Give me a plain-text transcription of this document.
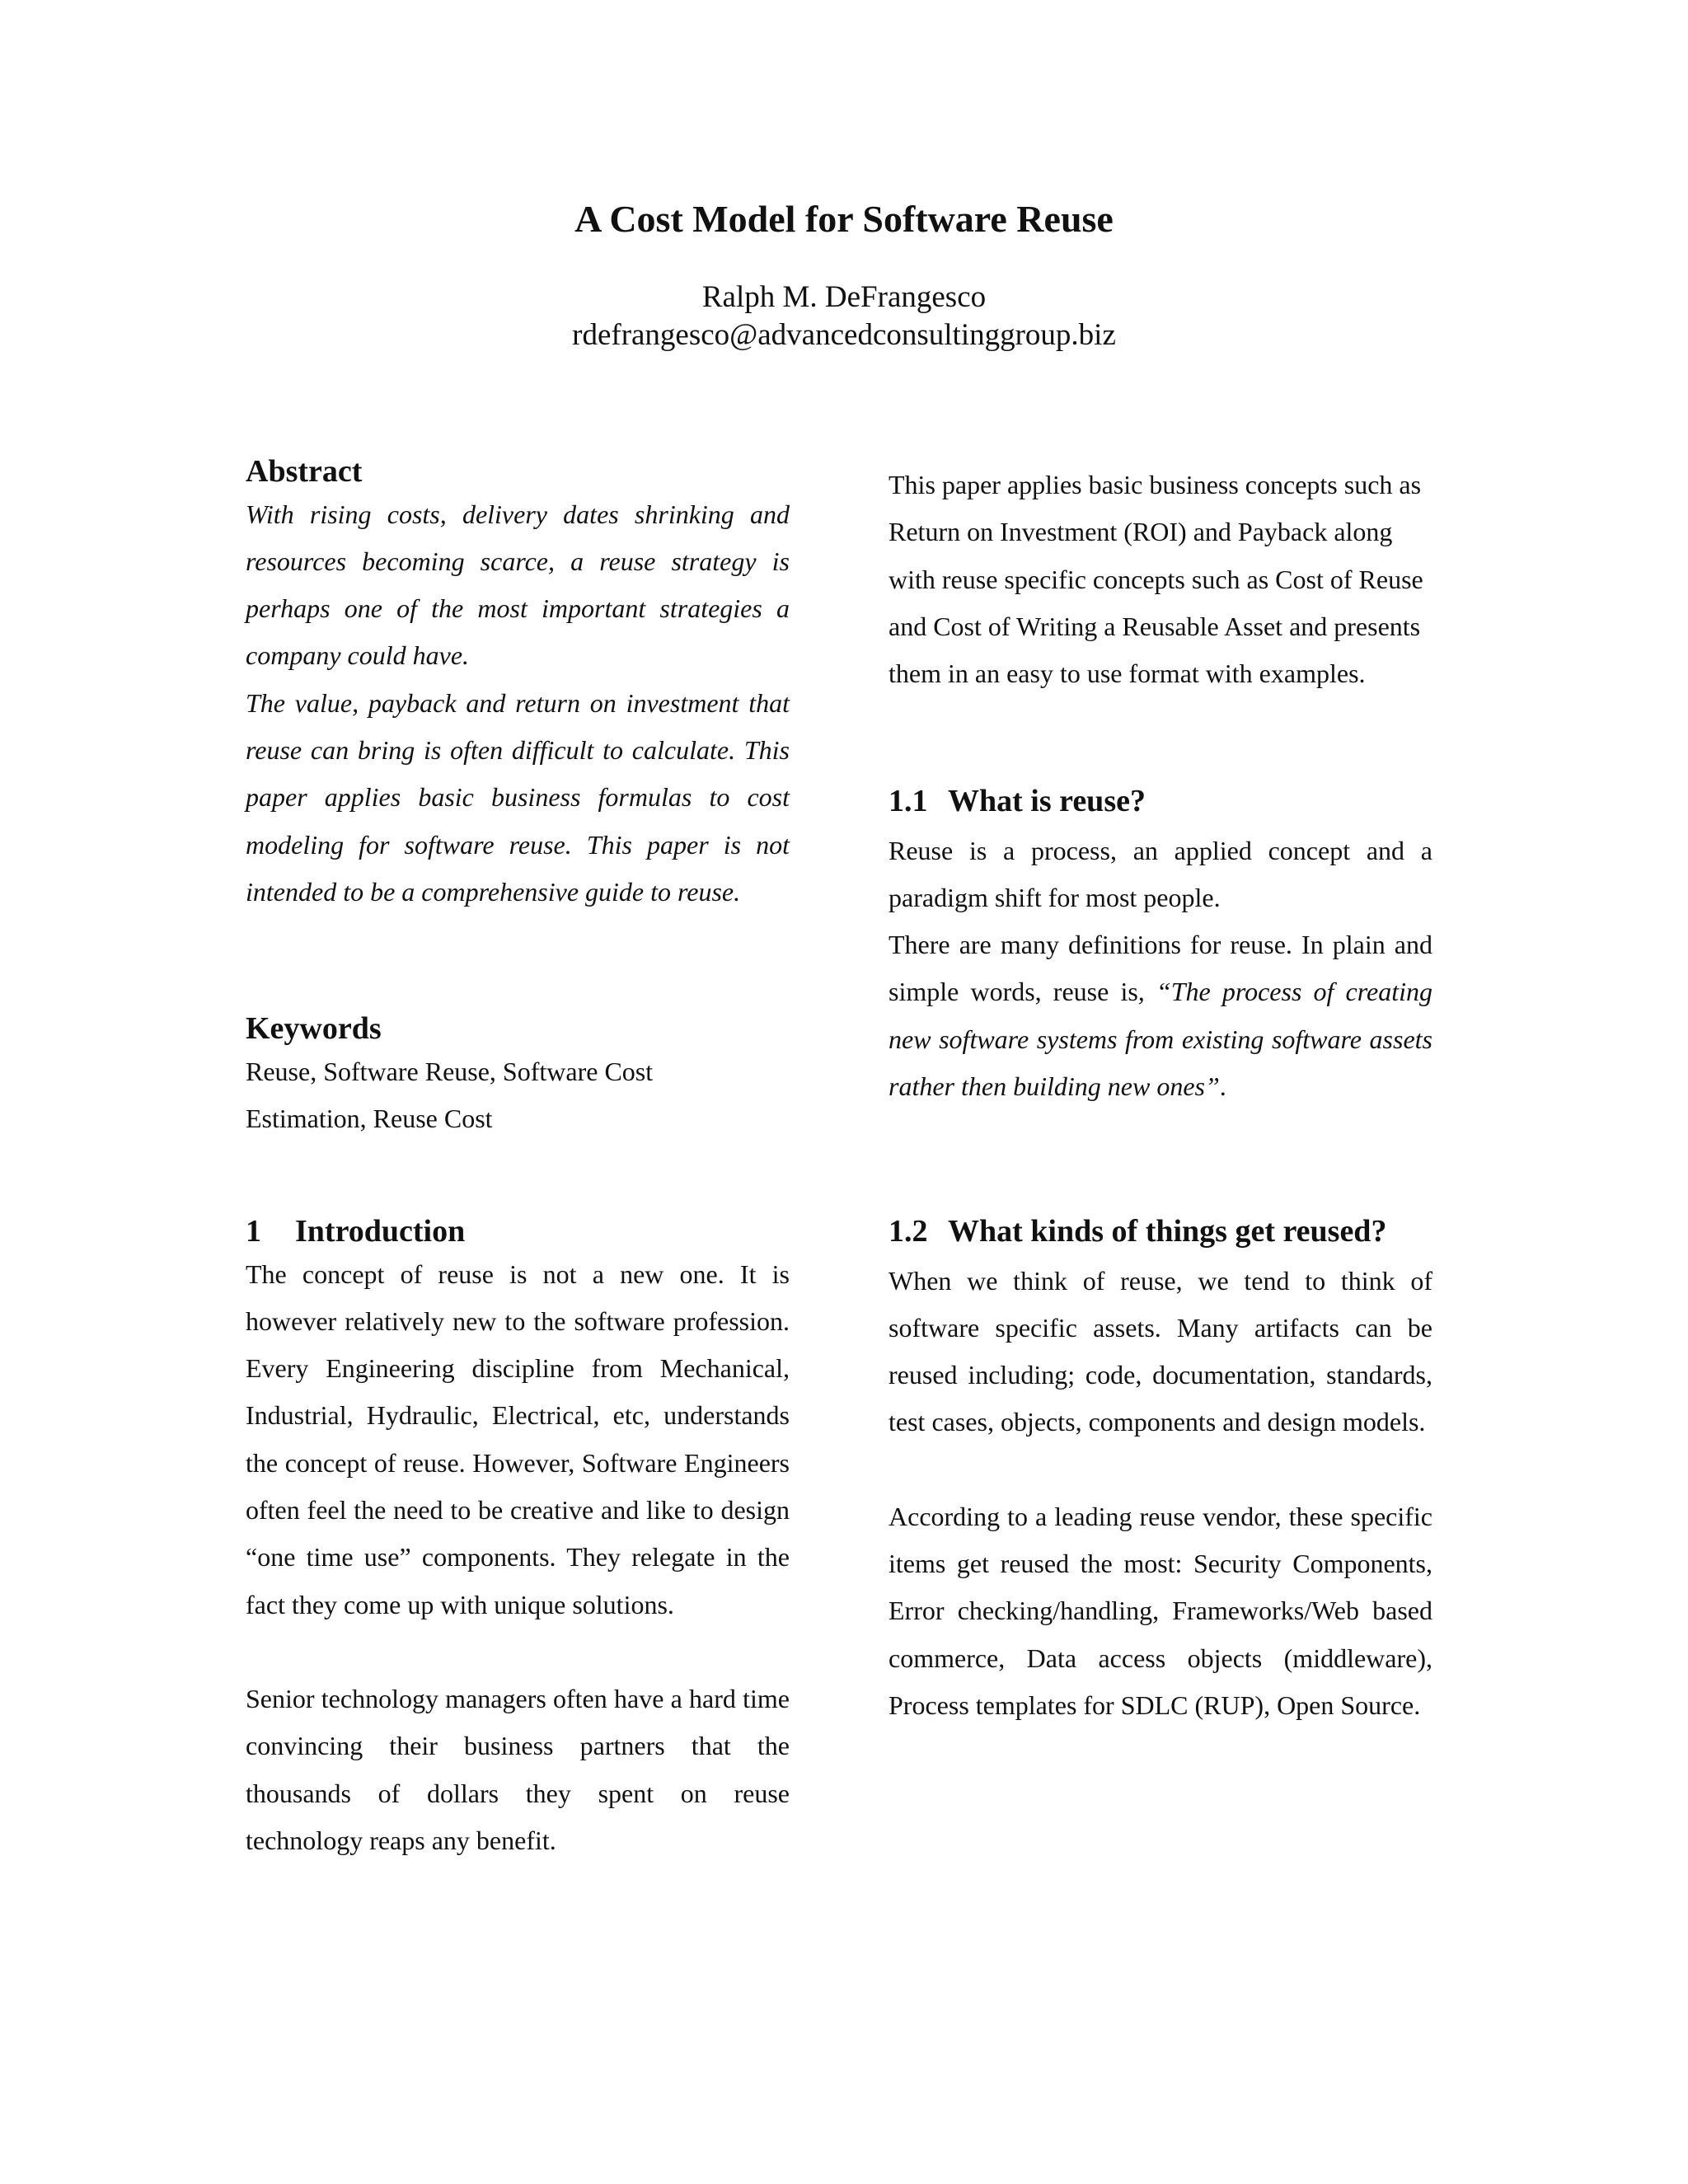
A Cost Model for Software Reuse
Ralph M. DeFrangesco
rdefrangesco@advancedconsultinggroup.biz
Abstract

With rising costs, delivery dates shrinking and resources becoming scarce, a reuse strategy is perhaps one of the most important strategies a company could have.

The value, payback and return on investment that reuse can bring is often difficult to calculate. This paper applies basic business formulas to cost modeling for software reuse. This paper is not intended to be a comprehensive guide to reuse.

Keywords
Reuse, Software Reuse, Software Cost Estimation, Reuse Cost
1 Introduction

The concept of reuse is not a new one. It is however relatively new to the software profession. Every Engineering discipline from Mechanical, Industrial, Hydraulic, Electrical, etc, understands the concept of reuse. However, Software Engineers often feel the need to be creative and like to design “one time use” components. They relegate in the fact they come up with unique solutions.

Senior technology managers often have a hard time convincing their business partners that the thousands of dollars they spent on reuse technology reaps any benefit.

This paper applies basic business concepts such as Return on Investment (ROI) and Payback along with reuse specific concepts such as Cost of Reuse and Cost of Writing a Reusable Asset and presents them in an easy to use format with examples.
1.1 What is reuse?

Reuse is a process, an applied concept and a paradigm shift for most people.

There are many definitions for reuse. In plain and simple words, reuse is, “The process of creating new software systems from existing software assets rather then building new ones”.

1.2 What kinds of things get reused?

When we think of reuse, we tend to think of software specific assets. Many artifacts can be reused including; code, documentation, standards, test cases, objects, components and design models.

According to a leading reuse vendor, these specific items get reused the most: Security Components, Error checking/handling, Frameworks/Web based commerce, Data access objects (middleware), Process templates for SDLC (RUP), Open Source.
